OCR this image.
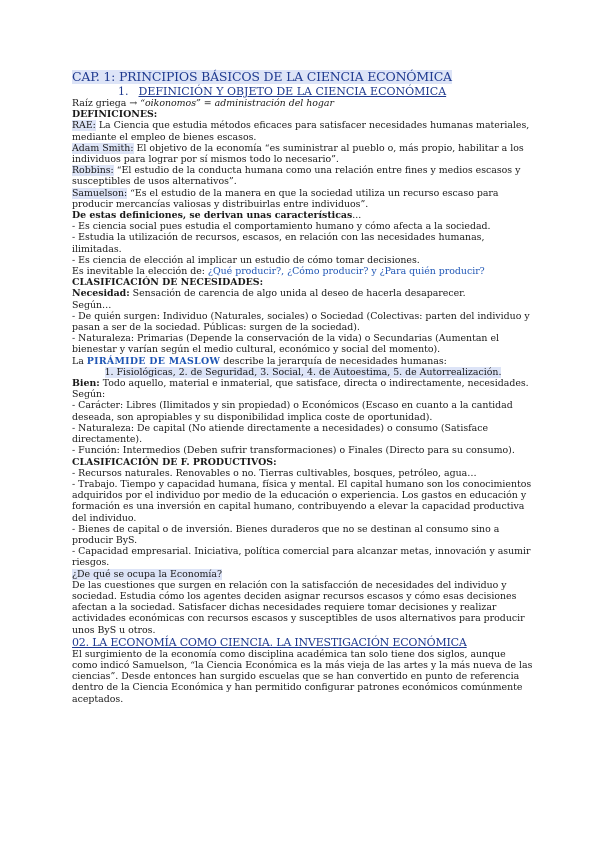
CAP. 1: PRINCIPIOS BÁSICOS DE LA CIENCIA ECONÓMICA
1. DEFINICIÓN Y OBJETO DE LA CIENCIA ECONÓMICA

Raíz griega → “oikonomos” = administración del hogar

DEFINICIONES:

RAE: La Ciencia que estudia métodos eficaces para satisfacer necesidades humanas materiales, mediante el empleo de bienes escasos.

Adam Smith: El objetivo de la economía “es suministrar al pueblo o, más propio, habilitar a los individuos para lograr por sí mismos todo lo necesario”.

Robbins: “El estudio de la conducta humana como una relación entre fines y medios escasos y susceptibles de usos alternativos”.

Samuelson: “Es el estudio de la manera en que la sociedad utiliza un recurso escaso para producir mercancías valiosas y distribuirlas entre individuos”.

De estas definiciones, se derivan unas características...

- Es ciencia social pues estudia el comportamiento humano y cómo afecta a la sociedad.

- Estudia la utilización de recursos, escasos, en relación con las necesidades humanas, ilimitadas.

- Es ciencia de elección al implicar un estudio de cómo tomar decisiones.

Es inevitable la elección de: ¿Qué producir?, ¿Cómo producir? y ¿Para quién producir?

CLASIFICACIÓN DE NECESIDADES:

Necesidad: Sensación de carencia de algo unida al deseo de hacerla desaparecer.

Según…

- De quién surgen: Individuo (Naturales, sociales) o Sociedad (Colectivas: parten del individuo y pasan a ser de la sociedad. Públicas: surgen de la sociedad).

- Naturaleza: Primarias (Depende la conservación de la vida) o Secundarias (Aumentan el bienestar y varían según el medio cultural, económico y social del momento).

La PIRÁMIDE DE MASLOW describe la jerarquía de necesidades humanas:

1. Fisiológicas, 2. de Seguridad, 3. Social, 4. de Autoestima, 5. de Autorrealización.

Bien: Todo aquello, material e inmaterial, que satisface, directa o indirectamente, necesidades.

Según:

- Carácter: Libres (Ilimitados y sin propiedad) o Económicos (Escaso en cuanto a la cantidad deseada, son apropiables y su disponibilidad implica coste de oportunidad).

- Naturaleza: De capital (No atiende directamente a necesidades) o consumo (Satisface directamente).

- Función: Intermedios (Deben sufrir transformaciones) o Finales (Directo para su consumo).

CLASIFICACIÓN DE F. PRODUCTIVOS:

- Recursos naturales. Renovables o no. Tierras cultivables, bosques, petróleo, agua…

- Trabajo. Tiempo y capacidad humana, física y mental. El capital humano son los conocimientos adquiridos por el individuo por medio de la educación o experiencia. Los gastos en educación y formación es una inversión en capital humano, contribuyendo a elevar la capacidad productiva del individuo.

- Bienes de capital o de inversión. Bienes duraderos que no se destinan al consumo sino a producir ByS.

- Capacidad empresarial. Iniciativa, política comercial para alcanzar metas, innovación y asumir riesgos.

¿De qué se ocupa la Economía?

De las cuestiones que surgen en relación con la satisfacción de necesidades del individuo y sociedad. Estudia cómo los agentes deciden asignar recursos escasos y cómo esas decisiones afectan a la sociedad. Satisfacer dichas necesidades requiere tomar decisiones y realizar actividades económicas con recursos escasos y susceptibles de usos alternativos para producir unos ByS u otros.

02. LA ECONOMÍA COMO CIENCIA. LA INVESTIGACIÓN ECONÓMICA

El surgimiento de la economía como disciplina académica tan solo tiene dos siglos, aunque como indicó Samuelson, “la Ciencia Económica es la más vieja de las artes y la más nueva de las ciencias”. Desde entonces han surgido escuelas que se han convertido en punto de referencia dentro de la Ciencia Económica y han permitido configurar patrones económicos comúnmente aceptados.
